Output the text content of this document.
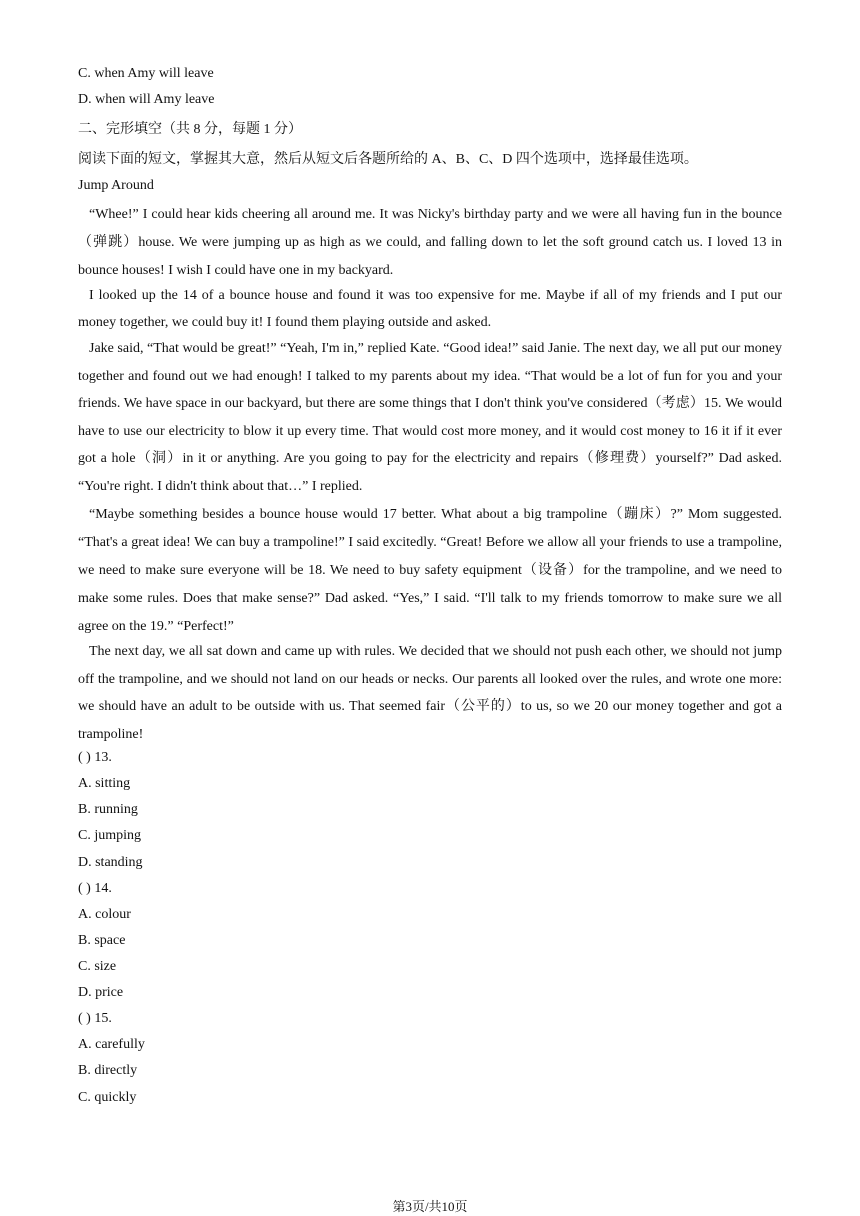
C. when Amy will leave
D. when will Amy leave
二、完形填空（共 8 分，每题 1 分）
阅读下面的短文，掌握其大意，然后从短文后各题所给的 A、B、C、D 四个选项中，选择最佳选项。
Jump Around

“Whee!” I could hear kids cheering all around me. It was Nicky's birthday party and we were all having fun in the bounce（弹跳）house. We were jumping up as high as we could, and falling down to let the soft ground catch us. I loved 13 in bounce houses! I wish I could have one in my backyard.

I looked up the 14 of a bounce house and found it was too expensive for me. Maybe if all of my friends and I put our money together, we could buy it! I found them playing outside and asked.

Jake said, “That would be great!” “Yeah, I'm in,” replied Kate. “Good idea!” said Janie. The next day, we all put our money together and found out we had enough! I talked to my parents about my idea. “That would be a lot of fun for you and your friends. We have space in our backyard, but there are some things that I don't think you've considered（考虑）15. We would have to use our electricity to blow it up every time. That would cost more money, and it would cost money to 16 it if it ever got a hole（洞）in it or anything. Are you going to pay for the electricity and repairs（修理费）yourself?” Dad asked. “You're right. I didn't think about that…” I replied.

“Maybe something besides a bounce house would 17 better. What about a big trampoline（蹦床）?” Mom suggested. “That's a great idea! We can buy a trampoline!” I said excitedly. “Great! Before we allow all your friends to use a trampoline, we need to make sure everyone will be 18. We need to buy safety equipment（设备）for the trampoline, and we need to make some rules. Does that make sense?” Dad asked. “Yes,” I said. “I'll talk to my friends tomorrow to make sure we all agree on the 19.” “Perfect!”

The next day, we all sat down and came up with rules. We decided that we should not push each other, we should not jump off the trampoline, and we should not land on our heads or necks. Our parents all looked over the rules, and wrote one more: we should have an adult to be outside with us. That seemed fair（公平的）to us, so we 20 our money together and got a trampoline!

( ) 13.
A. sitting
B. running
C. jumping
D. standing
( ) 14.
A. colour
B. space
C. size
D. price
( ) 15.
A. carefully
B. directly
C. quickly
第3页/共10页
